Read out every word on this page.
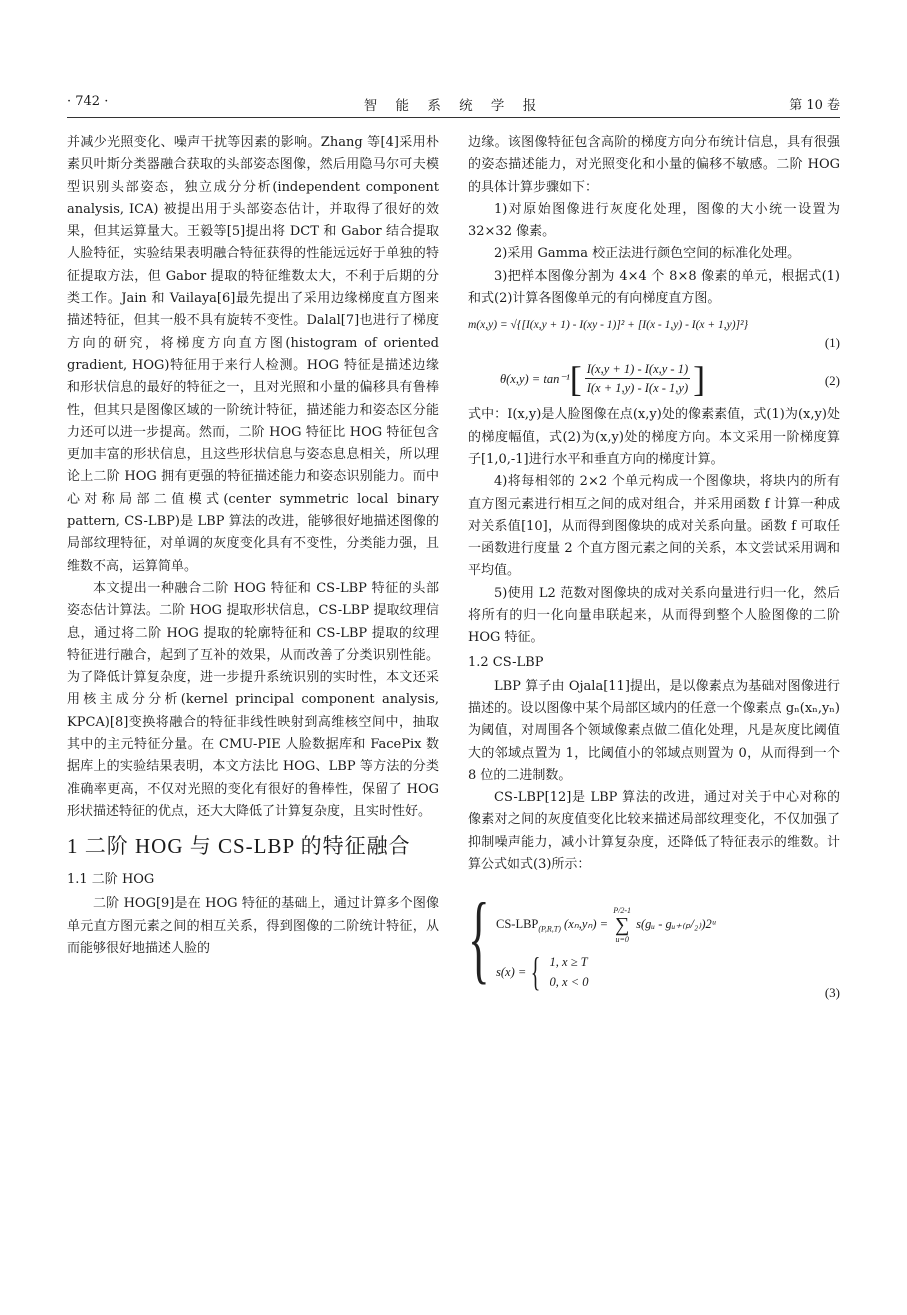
· 742 ·	智 能 系 统 学 报	第 10 卷

并减少光照变化、噪声干扰等因素的影响。Zhang 等[4]采用朴素贝叶斯分类器融合获取的头部姿态图像，然后用隐马尔可夫模型识别头部姿态，独立成分分析(independent component analysis, ICA) 被提出用于头部姿态估计，并取得了很好的效果，但其运算量大。王毅等[5]提出将 DCT 和 Gabor 结合提取人脸特征，实验结果表明融合特征获得的性能远远好于单独的特征提取方法，但 Gabor 提取的特征维数太大，不利于后期的分类工作。Jain 和 Vailaya[6]最先提出了采用边缘梯度直方图来描述特征，但其一般不具有旋转不变性。Dalal[7]也进行了梯度方向的研究，将梯度方向直方图(histogram of oriented gradient, HOG)特征用于来行人检测。HOG 特征是描述边缘和形状信息的最好的特征之一，且对光照和小量的偏移具有鲁棒性，但其只是图像区域的一阶统计特征，描述能力和姿态区分能力还可以进一步提高。然而，二阶 HOG 特征比 HOG 特征包含更加丰富的形状信息，且这些形状信息与姿态息息相关，所以理论上二阶 HOG 拥有更强的特征描述能力和姿态识别能力。而中心对称局部二值模式(center symmetric local binary pattern, CS-LBP)是 LBP 算法的改进，能够很好地描述图像的局部纹理特征，对单调的灰度变化具有不变性，分类能力强，且维数不高，运算简单。

本文提出一种融合二阶 HOG 特征和 CS-LBP 特征的头部姿态估计算法。二阶 HOG 提取形状信息，CS-LBP 提取纹理信息，通过将二阶 HOG 提取的轮廓特征和 CS-LBP 提取的纹理特征进行融合，起到了互补的效果，从而改善了分类识别性能。为了降低计算复杂度，进一步提升系统识别的实时性，本文还采用核主成分分析(kernel principal component analysis, KPCA)[8]变换将融合的特征非线性映射到高维核空间中，抽取其中的主元特征分量。在 CMU-PIE 人脸数据库和 FacePix 数据库上的实验结果表明，本文方法比 HOG、LBP 等方法的分类准确率更高，不仅对光照的变化有很好的鲁棒性，保留了 HOG 形状描述特征的优点，还大大降低了计算复杂度，且实时性好。

1 二阶 HOG 与 CS-LBP 的特征融合
1.1 二阶 HOG

二阶 HOG[9]是在 HOG 特征的基础上，通过计算多个图像单元直方图元素之间的相互关系，得到图像的二阶统计特征，从而能够很好地描述人脸的

边缘。该图像特征包含高阶的梯度方向分布统计信息，具有很强的姿态描述能力，对光照变化和小量的偏移不敏感。二阶 HOG 的具体计算步骤如下：

1)对原始图像进行灰度化处理，图像的大小统一设置为 32×32 像素。

2)采用 Gamma 校正法进行颜色空间的标准化处理。

3)把样本图像分割为 4×4 个 8×8 像素的单元，根据式(1)和式(2)计算各图像单元的有向梯度直方图。

m(x,y) = √{[I(x,y + 1) - I(xy - 1)]² + [I(x - 1,y) - I(x + 1,y)]²}
(1)
θ(x,y) = tan⁻¹ [ $\frac{I(x,y + 1) - I(x,y - 1)}{I(x + 1,y) - I(x - 1,y)}$ ]	(2)

式中：I(x,y)是人脸图像在点(x,y)处的像素素值，式(1)为(x,y)处的梯度幅值，式(2)为(x,y)处的梯度方向。本文采用一阶梯度算子[1,0,-1]进行水平和垂直方向的梯度计算。

4)将每相邻的 2×2 个单元构成一个图像块，将块内的所有直方图元素进行相互之间的成对组合，并采用函数 f 计算一种成对关系值[10]，从而得到图像块的成对关系向量。函数 f 可取任一函数进行度量 2 个直方图元素之间的关系，本文尝试采用调和平均值。

5)使用 L2 范数对图像块的成对关系向量进行归一化，然后将所有的归一化向量串联起来，从而得到整个人脸图像的二阶 HOG 特征。

1.2 CS-LBP

LBP 算子由 Ojala[11]提出，是以像素点为基础对图像进行描述的。设以图像中某个局部区域内的任意一个像素点 gₙ(xₙ,yₙ)为阈值，对周围各个领域像素点做二值化处理，凡是灰度比阈值大的邻域点置为 1，比阈值小的邻域点则置为 0，从而得到一个 8 位的二进制数。

CS-LBP[12]是 LBP 算法的改进，通过对关于中心对称的像素对之间的灰度值变化比较来描述局部纹理变化，不仅加强了抑制噪声能力，减小计算复杂度，还降低了特征表示的维数。计算公式如式(3)所示：

{ $CS-LBP_{(P,R,T)}$ (xₙ,yₙ) =
P/2-1
∑
u=0
s(gᵤ - gᵤ₊₍ₚ/₂₎)2ᵘ
s(x) = { 1, x ≥ T
0, x < 0
(3)
